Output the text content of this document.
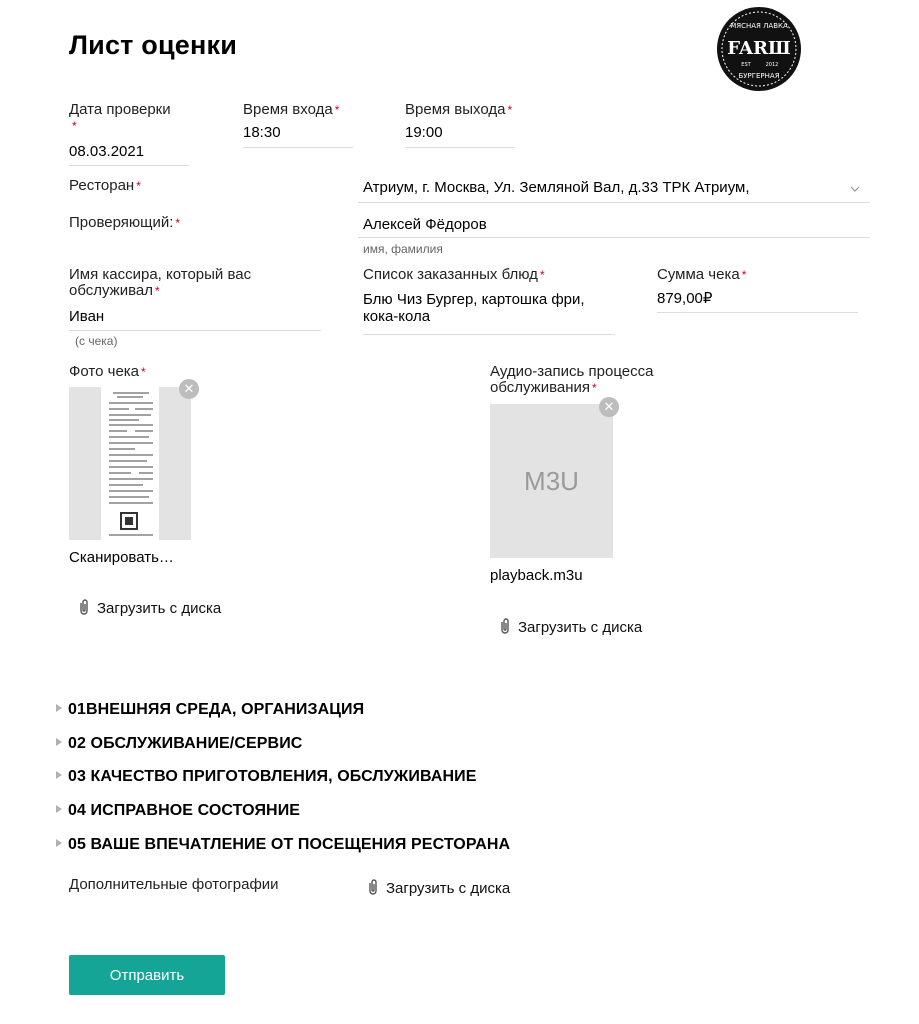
Лист оценки
МЯСНАЯ ЛАВКА
FARШ
EST	2012
БУРГЕРНАЯ
Дата проверки
*
08.03.2021
Время входа *
18:30
Время выхода *
19:00
Ресторан *	Атриум, г. Москва, Ул. Земляной Вал, д.33 ТРК Атриум,
Проверяющий: *	Алексей Фёдоров
имя, фамилия
Имя кассира, который вас
обслуживал *
Иван
(с чека)
Список заказанных блюд *
Блю Чиз Бургер, картошка фри,
кока-кола
Сумма чека *
879,00₽
Фото чека *
✕
Сканировать…
Загрузить с диска
Аудио-запись процесса
обслуживания *
M3U
✕
playback.m3u
Загрузить с диска
01ВНЕШНЯЯ СРЕДА, ОРГАНИЗАЦИЯ
02 ОБСЛУЖИВАНИЕ/СЕРВИС
03 КАЧЕСТВО ПРИГОТОВЛЕНИЯ, ОБСЛУЖИВАНИЕ
04 ИСПРАВНОЕ СОСТОЯНИЕ
05 ВАШЕ ВПЕЧАТЛЕНИЕ ОТ ПОСЕЩЕНИЯ РЕСТОРАНА
Дополнительные фотографии	Загрузить с диска
Отправить
